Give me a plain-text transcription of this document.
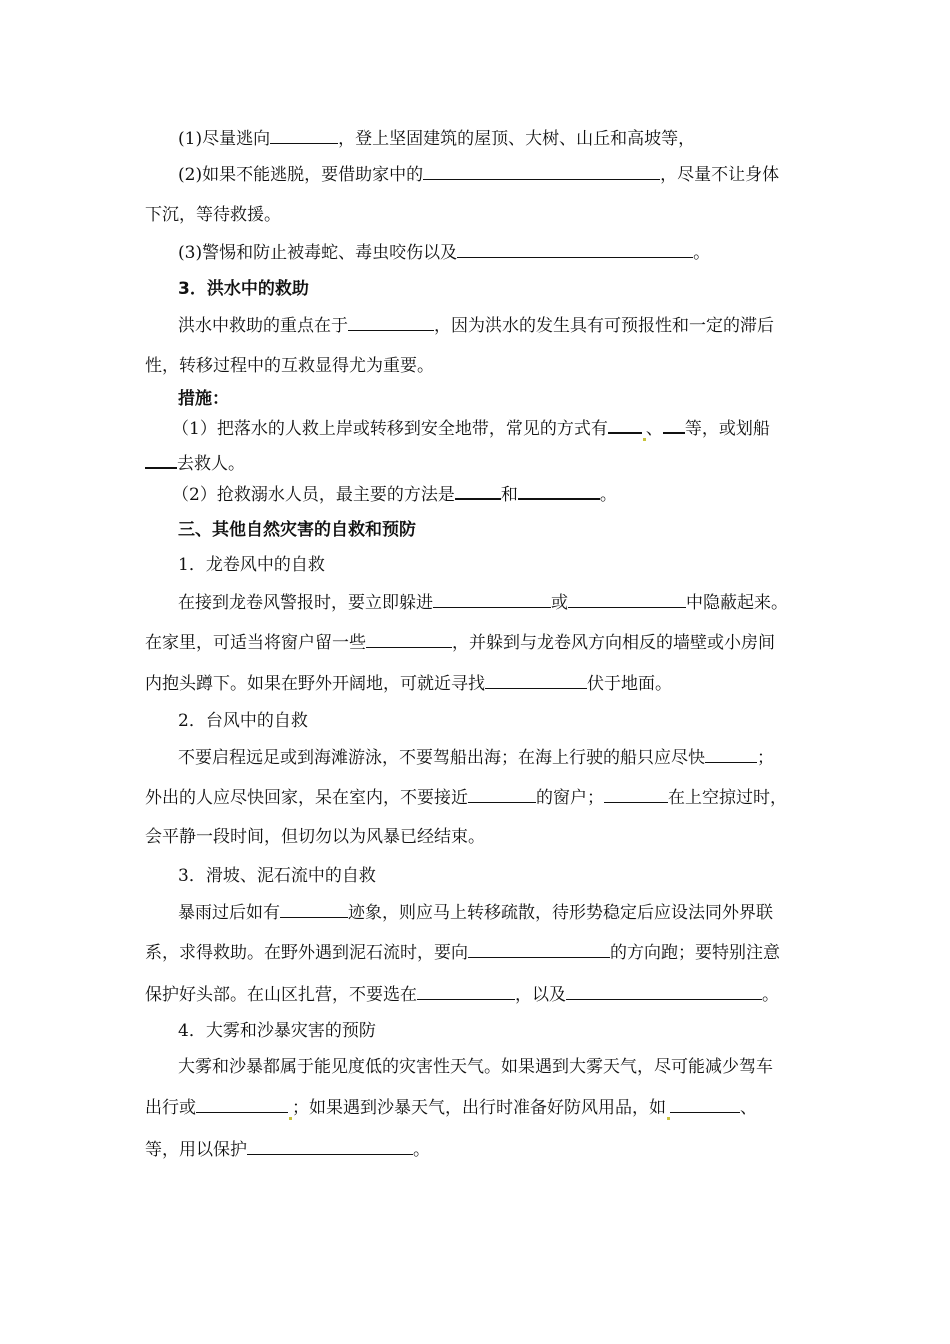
(1)尽量逃向	，登上坚固建筑的屋顶、大树、山丘和高坡等，
(2)如果不能逃脱，要借助家中的	，尽量不让身体
下沉，等待救援。
(3)警惕和防止被毒蛇、毒虫咬伤以及	。
3．洪水中的救助
洪水中救助的重点在于	，因为洪水的发生具有可预报性和一定的滞后
性，转移过程中的互救显得尤为重要。
措施：
（1）把落水的人救上岸或转移到安全地带，常见的方式有 、 等，或划船
去救人。
（2）抢救溺水人员，最主要的方法是	和	。
三、其他自然灾害的自救和预防
1．龙卷风中的自救
在接到龙卷风警报时，要立即躲进	或	中隐蔽起来。
在家里，可适当将窗户留一些	，并躲到与龙卷风方向相反的墙壁或小房间
内抱头蹲下。如果在野外开阔地，可就近寻找	伏于地面。
2．台风中的自救
不要启程远足或到海滩游泳，不要驾船出海；在海上行驶的船只应尽快	；
外出的人应尽快回家，呆在室内，不要接近	的窗户；	在上空掠过时，
会平静一段时间，但切勿以为风暴已经结束。
3．滑坡、泥石流中的自救
暴雨过后如有	迹象，则应马上转移疏散，待形势稳定后应设法同外界联
系，求得救助。在野外遇到泥石流时，要向	的方向跑；要特别注意
保护好头部。在山区扎营，不要选在	，以及	。
4．大雾和沙暴灾害的预防
大雾和沙暴都属于能见度低的灾害性天气。如果遇到大雾天气，尽可能减少驾车
出行或	；如果遇到沙暴天气，出行时准备好防风用品，如	、
等，用以保护	。
